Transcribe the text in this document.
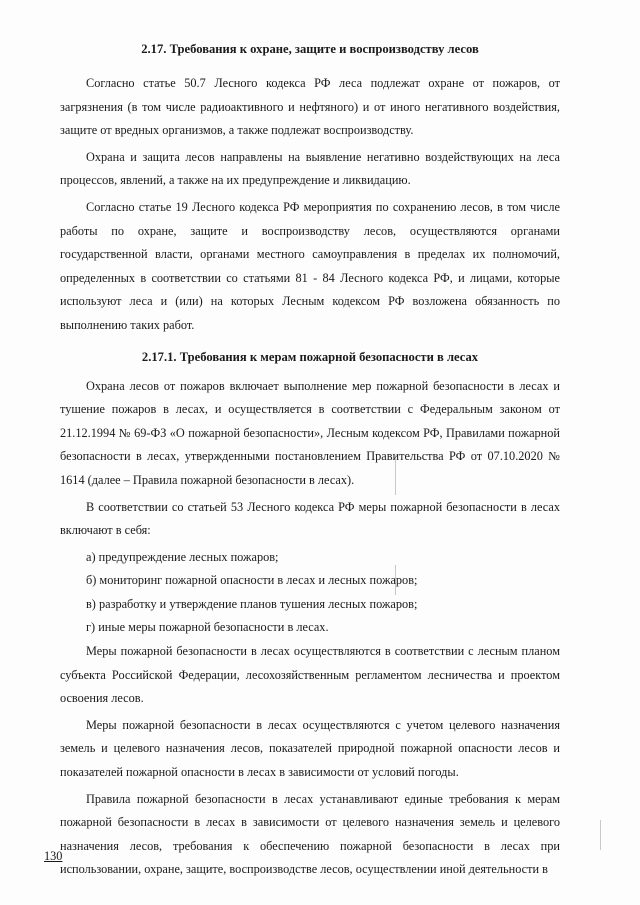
2.17. Требования к охране, защите и воспроизводству лесов

Согласно статье 50.7 Лесного кодекса РФ леса подлежат охране от пожаров, от загрязнения (в том числе радиоактивного и нефтяного) и от иного негативного воздействия, защите от вредных организмов, а также подлежат воспроизводству.

Охрана и защита лесов направлены на выявление негативно воздействующих на леса процессов, явлений, а также на их предупреждение и ликвидацию.

Согласно статье 19 Лесного кодекса РФ мероприятия по сохранению лесов, в том числе работы по охране, защите и воспроизводству лесов, осуществляются органами государственной власти, органами местного самоуправления в пределах их полномочий, определенных в соответствии со статьями 81 - 84 Лесного кодекса РФ, и лицами, которые используют леса и (или) на которых Лесным кодексом РФ возложена обязанность по выполнению таких работ.

2.17.1. Требования к мерам пожарной безопасности в лесах

Охрана лесов от пожаров включает выполнение мер пожарной безопасности в лесах и тушение пожаров в лесах, и осуществляется в соответствии с Федеральным законом от 21.12.1994 № 69-ФЗ «О пожарной безопасности», Лесным кодексом РФ, Правилами пожарной безопасности в лесах, утвержденными постановлением Правительства РФ от 07.10.2020 № 1614 (далее – Правила пожарной безопасности в лесах).

В соответствии со статьей 53 Лесного кодекса РФ меры пожарной безопасности в лесах включают в себя:

а) предупреждение лесных пожаров;

б) мониторинг пожарной опасности в лесах и лесных пожаров;

в) разработку и утверждение планов тушения лесных пожаров;

г) иные меры пожарной безопасности в лесах.

Меры пожарной безопасности в лесах осуществляются в соответствии с лесным планом субъекта Российской Федерации, лесохозяйственным регламентом лесничества и проектом освоения лесов.

Меры пожарной безопасности в лесах осуществляются с учетом целевого назначения земель и целевого назначения лесов, показателей природной пожарной опасности лесов и показателей пожарной опасности в лесах в зависимости от условий погоды.

Правила пожарной безопасности в лесах устанавливают единые требования к мерам пожарной безопасности в лесах в зависимости от целевого назначения земель и целевого назначения лесов, требования к обеспечению пожарной безопасности в лесах при использовании, охране, защите, воспроизводстве лесов, осуществлении иной деятельности в

130
